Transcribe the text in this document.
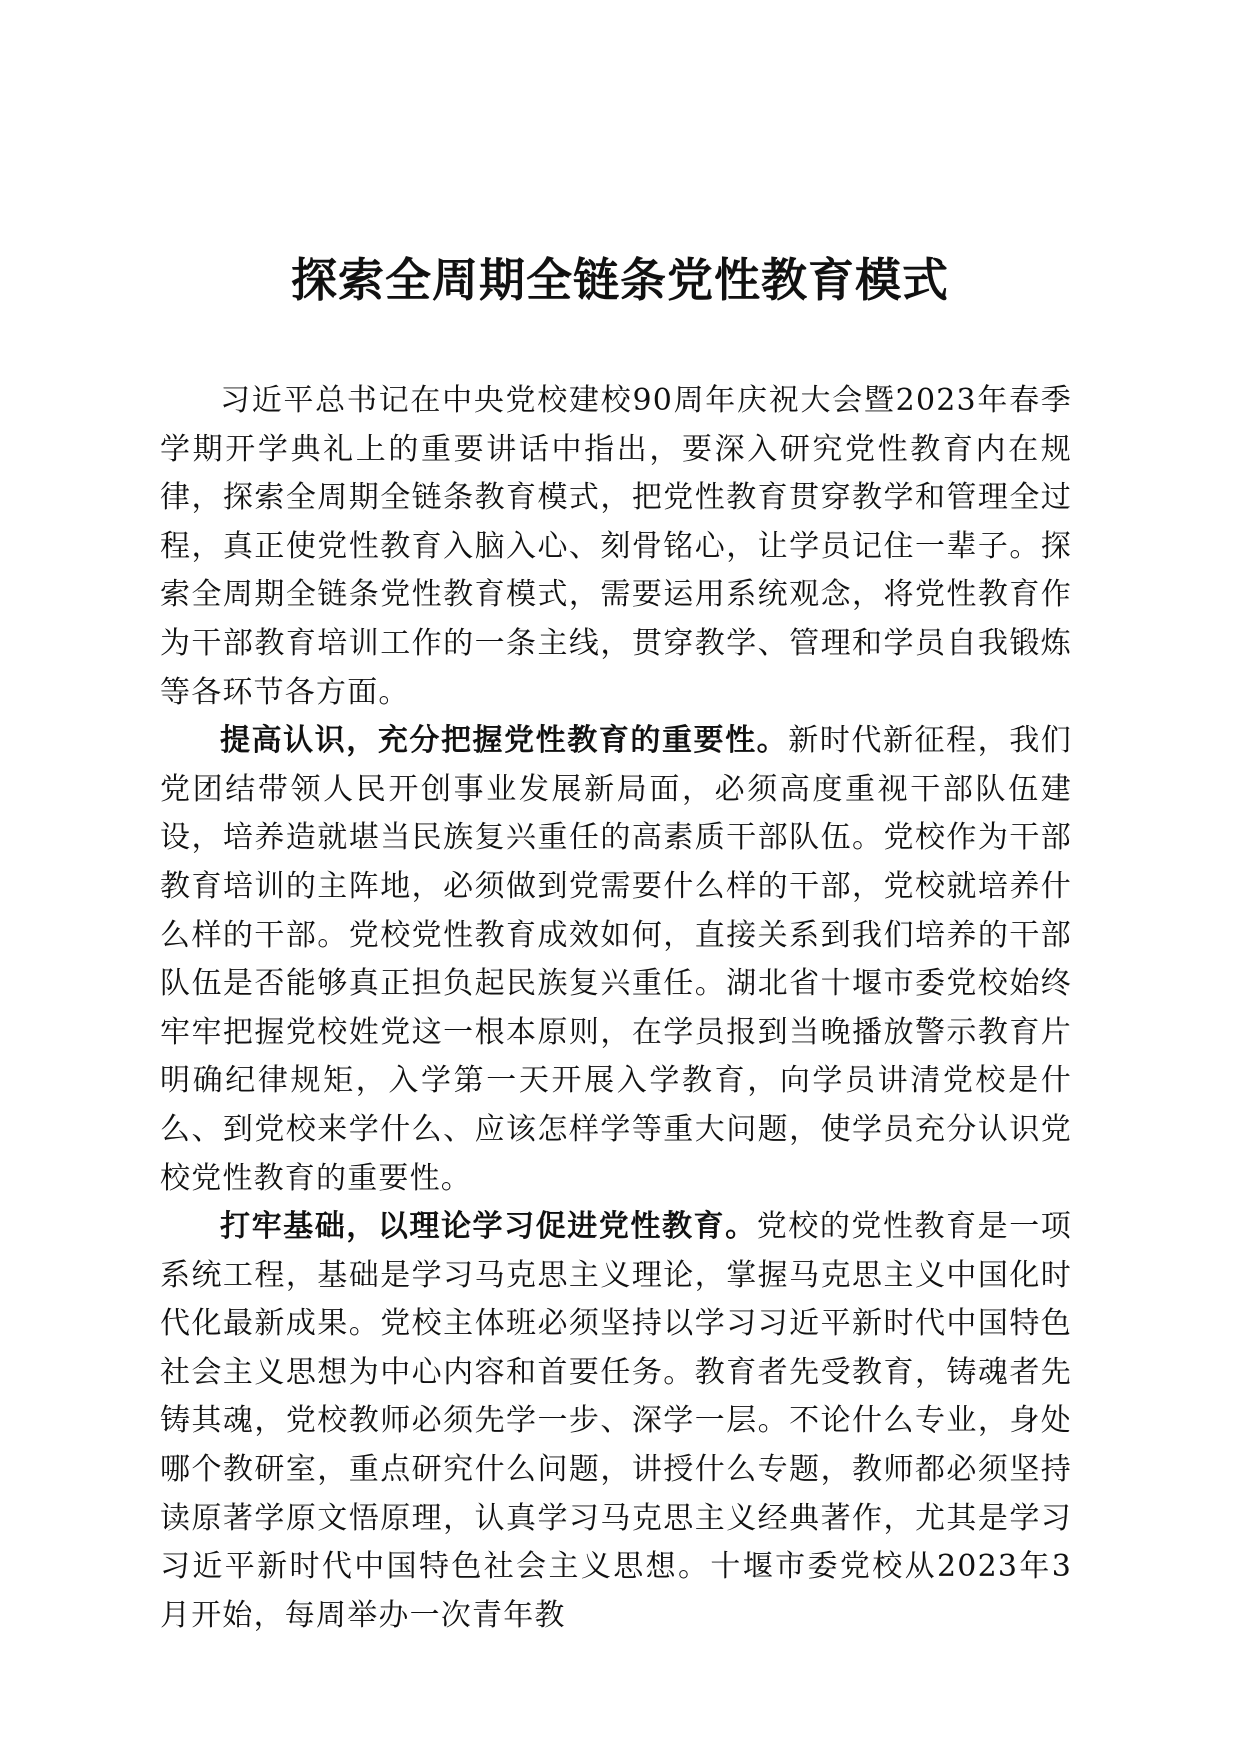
探索全周期全链条党性教育模式

习近平总书记在中央党校建校90周年庆祝大会暨2023年春季学期开学典礼上的重要讲话中指出，要深入研究党性教育内在规律，探索全周期全链条教育模式，把党性教育贯穿教学和管理全过程，真正使党性教育入脑入心、刻骨铭心，让学员记住一辈子。探索全周期全链条党性教育模式，需要运用系统观念，将党性教育作为干部教育培训工作的一条主线，贯穿教学、管理和学员自我锻炼等各环节各方面。

提高认识，充分把握党性教育的重要性。新时代新征程，我们党团结带领人民开创事业发展新局面，必须高度重视干部队伍建设，培养造就堪当民族复兴重任的高素质干部队伍。党校作为干部教育培训的主阵地，必须做到党需要什么样的干部，党校就培养什么样的干部。党校党性教育成效如何，直接关系到我们培养的干部队伍是否能够真正担负起民族复兴重任。湖北省十堰市委党校始终牢牢把握党校姓党这一根本原则，在学员报到当晚播放警示教育片明确纪律规矩，入学第一天开展入学教育，向学员讲清党校是什么、到党校来学什么、应该怎样学等重大问题，使学员充分认识党校党性教育的重要性。

打牢基础，以理论学习促进党性教育。党校的党性教育是一项系统工程，基础是学习马克思主义理论，掌握马克思主义中国化时代化最新成果。党校主体班必须坚持以学习习近平新时代中国特色社会主义思想为中心内容和首要任务。教育者先受教育，铸魂者先铸其魂，党校教师必须先学一步、深学一层。不论什么专业，身处哪个教研室，重点研究什么问题，讲授什么专题，教师都必须坚持读原著学原文悟原理，认真学习马克思主义经典著作，尤其是学习习近平新时代中国特色社会主义思想。十堰市委党校从2023年3月开始，每周举办一次青年教
